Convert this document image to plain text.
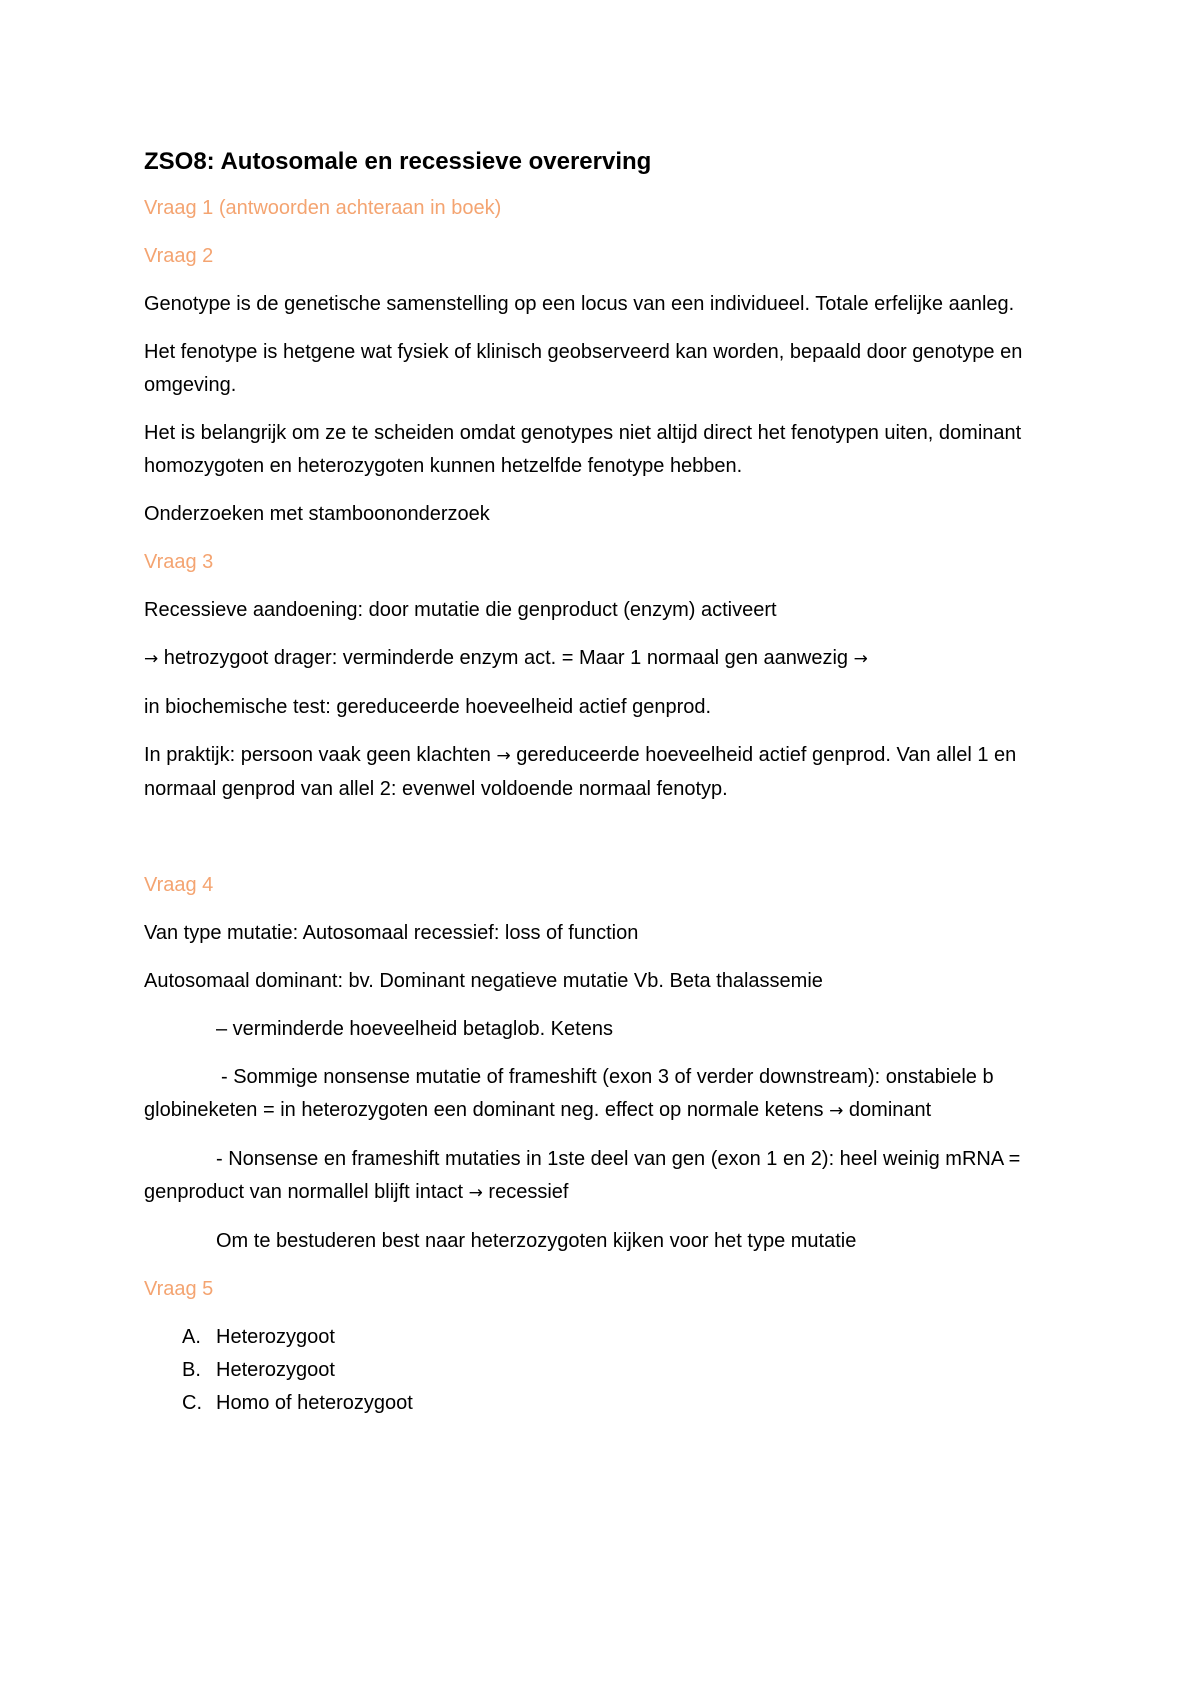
ZSO8: Autosomale en recessieve overerving
Vraag 1 (antwoorden achteraan in boek)
Vraag 2

Genotype is de genetische samenstelling op een locus van een individueel. Totale erfelijke aanleg.

Het fenotype is hetgene wat fysiek of klinisch geobserveerd kan worden, bepaald door genotype en omgeving.

Het is belangrijk om ze te scheiden omdat genotypes niet altijd direct het fenotypen uiten, dominant homozygoten en heterozygoten kunnen hetzelfde fenotype hebben.

Onderzoeken met stamboononderzoek

Vraag 3

Recessieve aandoening: door mutatie die genproduct (enzym) activeert

→ hetrozygoot drager: verminderde enzym act. = Maar 1 normaal gen aanwezig →

in biochemische test: gereduceerde hoeveelheid actief genprod.

In praktijk: persoon vaak geen klachten → gereduceerde hoeveelheid actief genprod. Van allel 1 en normaal genprod van allel 2: evenwel voldoende normaal fenotyp.

Vraag 4

Van type mutatie: Autosomaal recessief: loss of function

Autosomaal dominant: bv. Dominant negatieve mutatie Vb. Beta thalassemie

– verminderde hoeveelheid betaglob. Ketens

- Sommige nonsense mutatie of frameshift (exon 3 of verder downstream): onstabiele b globineketen = in heterozygoten een dominant neg. effect op normale ketens → dominant

- Nonsense en frameshift mutaties in 1ste deel van gen (exon 1 en 2): heel weinig mRNA = genproduct van normallel blijft intact → recessief

Om te bestuderen best naar heterzozygoten kijken voor het type mutatie

Vraag 5
A. Heterozygoot
B. Heterozygoot
C. Homo of heterozygoot
